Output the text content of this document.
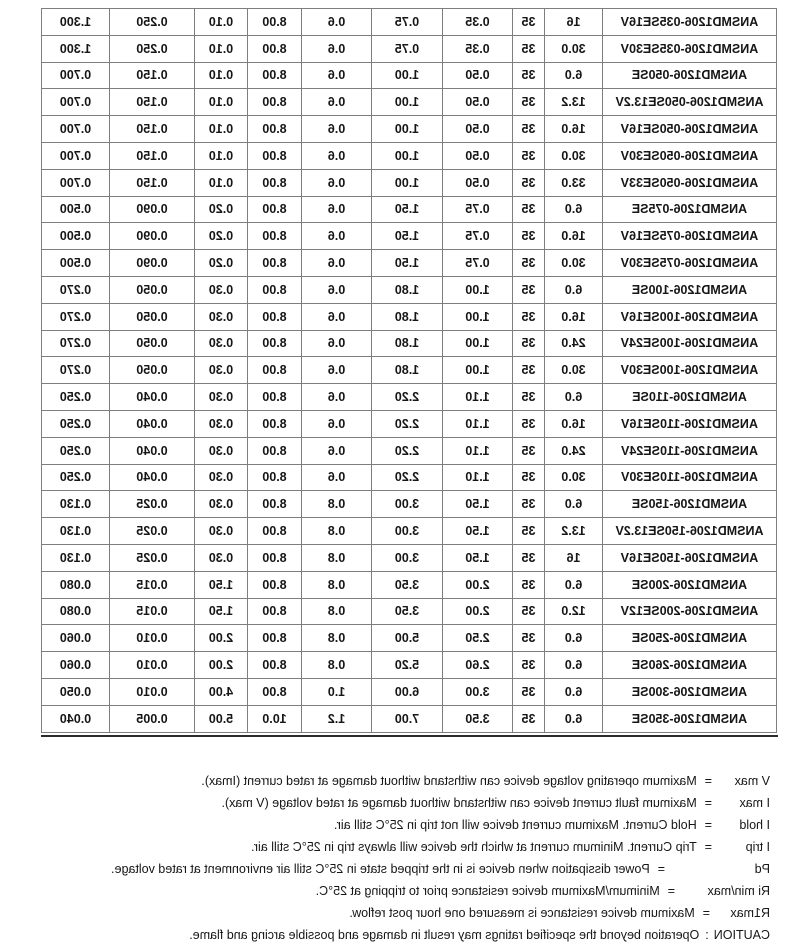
ANSMD1206-035SE16V	16	35	0.35	0.75	0.6	8.00	0.10	0.250	1.300
ANSMD1206-035SE30V	30.0	35	0.35	0.75	0.6	8.00	0.10	0.250	1.300
ANSMD1206-050SE	6.0	35	0.50	1.00	0.6	8.00	0.10	0.150	0.700
ANSMD1206-050SE13.2V	13.2	35	0.50	1.00	0.6	8.00	0.10	0.150	0.700
ANSMD1206-050SE16V	16.0	35	0.50	1.00	0.6	8.00	0.10	0.150	0.700
ANSMD1206-050SE30V	30.0	35	0.50	1.00	0.6	8.00	0.10	0.150	0.700
ANSMD1206-050SE33V	33.0	35	0.50	1.00	0.6	8.00	0.10	0.150	0.700
ANSMD1206-075SE	6.0	35	0.75	1.50	0.6	8.00	0.20	0.090	0.500
ANSMD1206-075SE16V	16.0	35	0.75	1.50	0.6	8.00	0.20	0.090	0.500
ANSMD1206-075SE30V	30.0	35	0.75	1.50	0.6	8.00	0.20	0.090	0.500
ANSMD1206-100SE	6.0	35	1.00	1.80	0.6	8.00	0.30	0.050	0.270
ANSMD1206-100SE16V	16.0	35	1.00	1.80	0.6	8.00	0.30	0.050	0.270
ANSMD1206-100SE24V	24.0	35	1.00	1.80	0.6	8.00	0.30	0.050	0.270
ANSMD1206-100SE30V	30.0	35	1.00	1.80	0.6	8.00	0.30	0.050	0.270
ANSMD1206-110SE	6.0	35	1.10	2.20	0.6	8.00	0.30	0.040	0.250
ANSMD1206-110SE16V	16.0	35	1.10	2.20	0.6	8.00	0.30	0.040	0.250
ANSMD1206-110SE24V	24.0	35	1.10	2.20	0.6	8.00	0.30	0.040	0.250
ANSMD1206-110SE30V	30.0	35	1.10	2.20	0.6	8.00	0.30	0.040	0.250
ANSMD1206-150SE	6.0	35	1.50	3.00	0.8	8.00	0.30	0.025	0.130
ANSMD1206-150SE13.2V	13.2	35	1.50	3.00	0.8	8.00	0.30	0.025	0.130
ANSMD1206-150SE16V	16	35	1.50	3.00	0.8	8.00	0.30	0.025	0.130
ANSMD1206-200SE	6.0	35	2.00	3.50	0.8	8.00	1.50	0.015	0.080
ANSMD1206-200SE12V	12.0	35	2.00	3.50	0.8	8.00	1.50	0.015	0.080
ANSMD1206-250SE	6.0	35	2.50	5.00	0.8	8.00	2.00	0.010	0.060
ANSMD1206-260SE	6.0	35	2.60	5.20	0.8	8.00	2.00	0.010	0.060
ANSMD1206-300SE	6.0	35	3.00	6.00	1.0	8.00	4.00	0.010	0.050
ANSMD1206-350SE	6.0	35	3.50	7.00	1.2	10.0	5.00	0.005	0.040
V max=Maximum operating voltage device can withstand without damage at rated current (Imax).
I max=Maximum fault current device can withstand without damage at rated voltage (V max).
I hold=Hold Current. Maximum current device will not trip in 25°C still air.
I trip=Trip Current. Minimum current at which the device will always trip in 25°C still air.
Pd=Power dissipation when device is in the tripped state in 25°C still air environment at rated voltage.
Ri min/max=Minimum/Maximum device resistance prior to tripping at 25°C.
R1max=Maximum device resistance is measured one hour post reflow.
CAUTION:Operation beyond the specified ratings may result in damage and possible arcing and flame.
